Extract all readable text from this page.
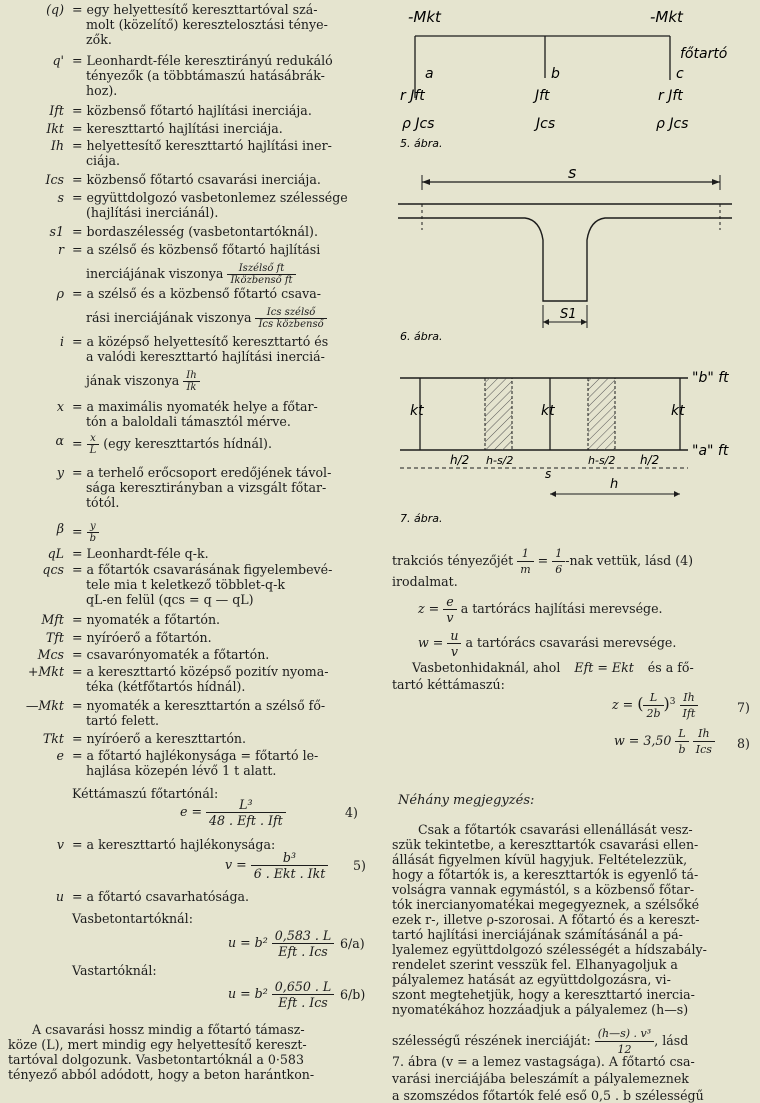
(q) = egy helyettesítő kereszttartóval szá-
molt (közelítő) keresztelosztási ténye-
zők.
q' = Leonhardt-féle keresztirányú redukáló
tényezők (a többtámaszú hatásábrák-
hoz).
Ift = közbenső főtartó hajlítási inerciája.
Ikt = kereszttartó hajlítási inerciája.
Ih = helyettesítő kereszttartó hajlítási iner-
ciája.
Ics = közbenső főtartó csavarási inerciája.
s = együttdolgozó vasbetonlemez szélessége
(hajlítási inerciánál).
s1 = bordaszélesség (vasbetontartóknál).
r = a szélső és közbenső főtartó hajlítási
inerciájának viszonya $\frac{\text{Iszélső ft}}{\text{Iközbenső ft}}$
ρ = a szélső és a közbenső főtartó csava-
rási inerciájának viszonya $\frac{\text{Ics szélső}}{\text{Ics közbenső}}$
i = a középső helyettesítő kereszttartó és
a valódi kereszttartó hajlítási inerciá-
jának viszonya $\frac{Ih}{Ik}$
x = a maximális nyomaték helye a főtar-
tón a baloldali támasztól mérve.
$\alpha = \frac{x}{L} (egy$ kereszttartós hídnál).
y = a terhelő erőcsoport eredőjének távol-
sága keresztirányban a vizsgált főtar-
tótól.
$\beta = \frac{y}{b}$
qL = Leonhardt-féle q-k.
qcs = a főtartók csavarásának figyelembevé-
tele mia t keletkező többlet-q-k
qL-en felül (qcs = q — qL)
Mft = nyomaték a főtartón.
Tft = nyíróerő a főtartón.
Mcs = csavarónyomaték a főtartón.
+Mkt = a kereszttartó középső pozitív nyoma-
téka (kétfőtartós hídnál).
—Mkt = nyomaték a kereszttartón a szélső fő-
tartó felett.
Tkt = nyíróerő a kereszttartón.
e = a főtartó hajlékonysága = főtartó le-
hajlása közepén lévő 1 t alatt.
Kéttámaszú főtartónál:
$e = \frac{\text{L³}}{\text{48 . Eft . Ift}}$	4)
v = a kereszttartó hajlékonysága:
$v = \frac{\text{b³}}{\text{6 . Ekt . Ikt}} 5$)
u = a főtartó csavarhatósága.
Vasbetontartóknál:
$u = b^2 \frac{0,583 . L}{\text{Eft . Ics}} 6/a$)
Vastartóknál:
$u = b^2 \frac{0,650 . L}{\text{Eft . Ics}} 6/b$)
A csavarási hossz mindig a főtartó támasz-
köze (L), mert mindig egy helyettesítő kereszt-
tartóval dolgozunk. Vasbetontartóknál a 0·583
tényező abból adódott, hogy a beton harántkon-
-Mkt	-Mkt
főtartó
a	b	c
r Jft	Jft	r Jft
ρ Jcs	Jcs	ρ Jcs
5. ábra.
s
S1
6. ábra.
"b" ft
"a" ft
kt	kt	kt
h/2 h-s/2
s
h-s/2 h/2
h
7. ábra.
trakciós tényezőjét $\frac{1}{m} = \frac{1}{6} -nak$ vettük, lásd (4)
irodalmat.
$z = \frac{e}{v}$ a tartórács hajlítási merevsége.
$w = \frac{u}{v}$ a tartórács csavarási merevsége.
Vasbetonhidaknál, ahol Eft = Ekt és a fő-
tartó kéttámaszú:
z = ( $\frac{L}{2b} )^3 \frac{Ih}{\text{Ift}}$	7)
$w = 3,50 \frac{L}{b}$
$\frac{Ih}{\text{Ics}} 8$)
Néhány megjegyzés:
Csak a főtartók csavarási ellenállását vesz-
szük tekintetbe, a kereszttartók csavarási ellen-
állását figyelmen kívül hagyjuk. Feltételezzük,
hogy a főtartók is, a kereszttartók is egyenlő tá-
volságra vannak egymástól, s a közbenső főtar-
tók inercianyomatékai megegyeznek, a szélsőké
ezek r-, illetve ρ-szorosai. A főtartó és a kereszt-
tartó hajlítási inerciájának számításánál a pá-
lyalemez együttdolgozó szélességét a hídszabály-
rendelet szerint vesszük fel. Elhanyagoljuk a
pályalemez hatását az együttdolgozásra, vi-
szont megtehetjük, hogy a kereszttartó inercia-
nyomatékához hozzáadjuk a pályalemez (h—s)
szélességű részének inerciáját: $\frac{\text{(h—s) . v³}}{12}$ , lásd
7. ábra (v = a lemez vastagsága). A főtartó csa-
varási inerciájába beleszámít a pályalemeznek
a szomszédos főtartók felé eső 0,5 . b szélességű
